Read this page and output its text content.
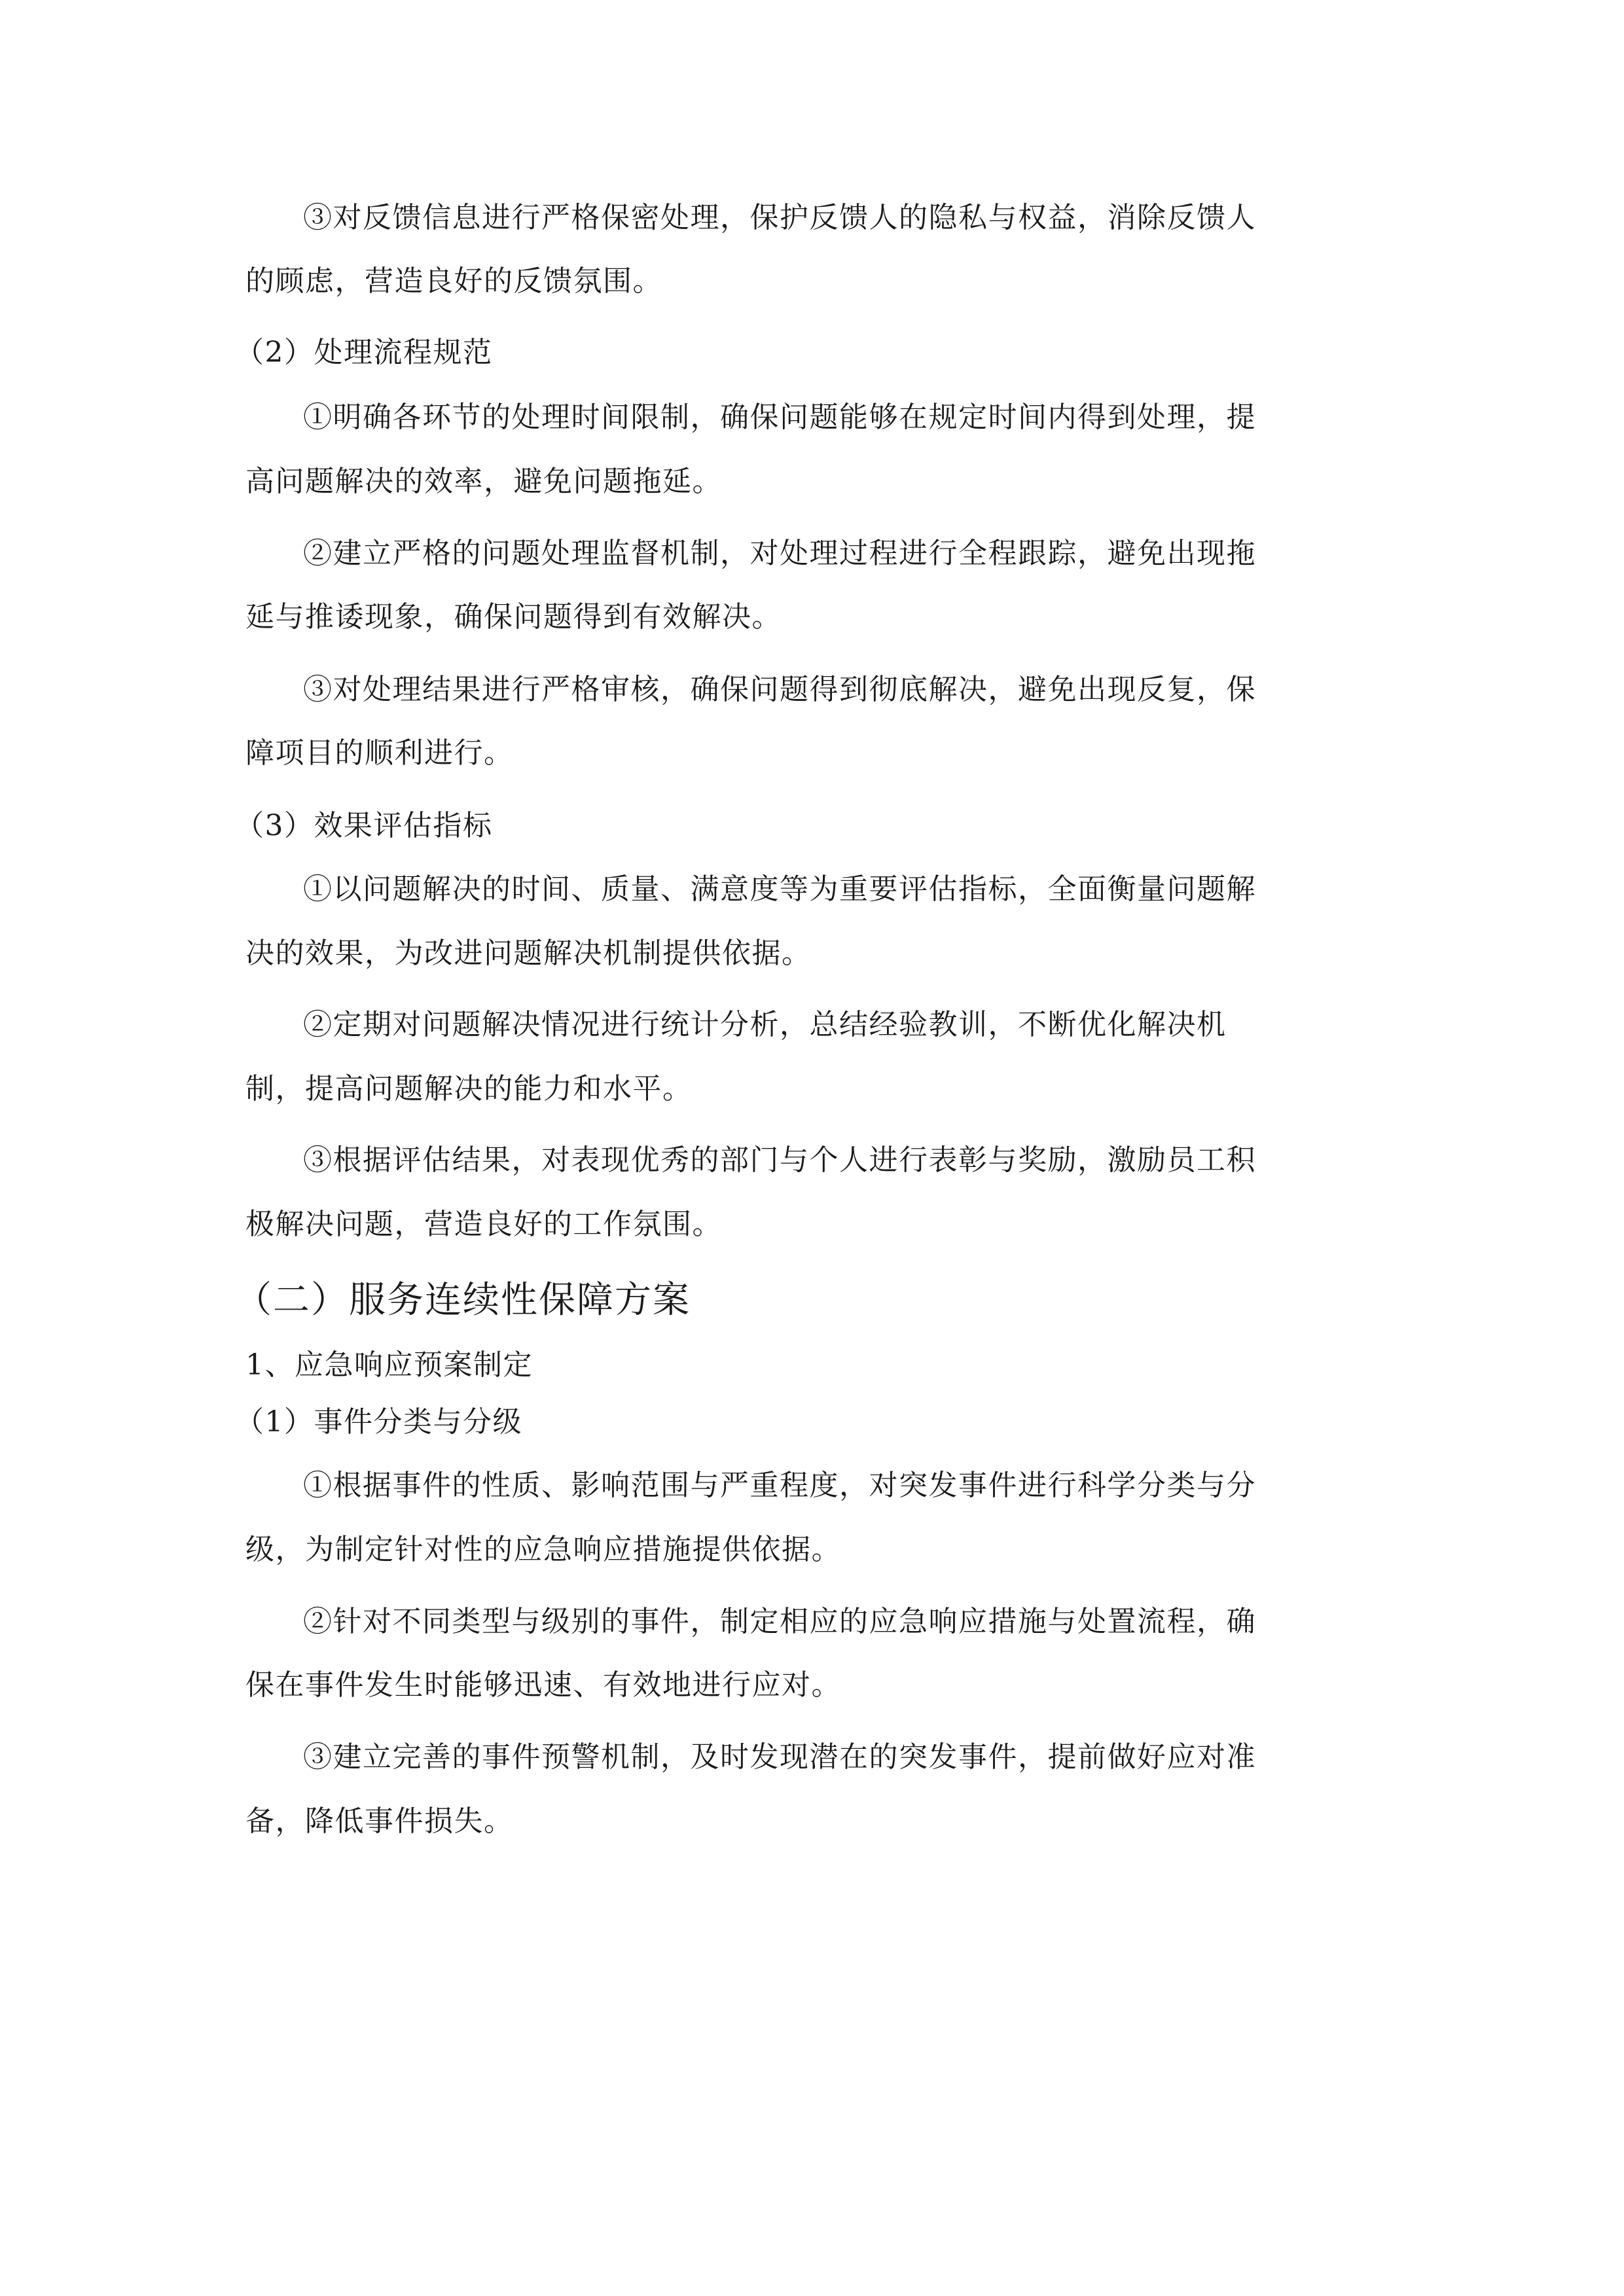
③对反馈信息进行严格保密处理，保护反馈人的隐私与权益，消除反馈人
的顾虑，营造良好的反馈氛围。
（2）处理流程规范
①明确各环节的处理时间限制，确保问题能够在规定时间内得到处理，提
高问题解决的效率，避免问题拖延。
②建立严格的问题处理监督机制，对处理过程进行全程跟踪，避免出现拖
延与推诿现象，确保问题得到有效解决。
③对处理结果进行严格审核，确保问题得到彻底解决，避免出现反复，保
障项目的顺利进行。
（3）效果评估指标
①以问题解决的时间、质量、满意度等为重要评估指标，全面衡量问题解
决的效果，为改进问题解决机制提供依据。
②定期对问题解决情况进行统计分析，总结经验教训，不断优化解决机
制，提高问题解决的能力和水平。
③根据评估结果，对表现优秀的部门与个人进行表彰与奖励，激励员工积
极解决问题，营造良好的工作氛围。
（二）服务连续性保障方案
1、应急响应预案制定
（1）事件分类与分级
①根据事件的性质、影响范围与严重程度，对突发事件进行科学分类与分
级，为制定针对性的应急响应措施提供依据。
②针对不同类型与级别的事件，制定相应的应急响应措施与处置流程，确
保在事件发生时能够迅速、有效地进行应对。
③建立完善的事件预警机制，及时发现潜在的突发事件，提前做好应对准
备，降低事件损失。
